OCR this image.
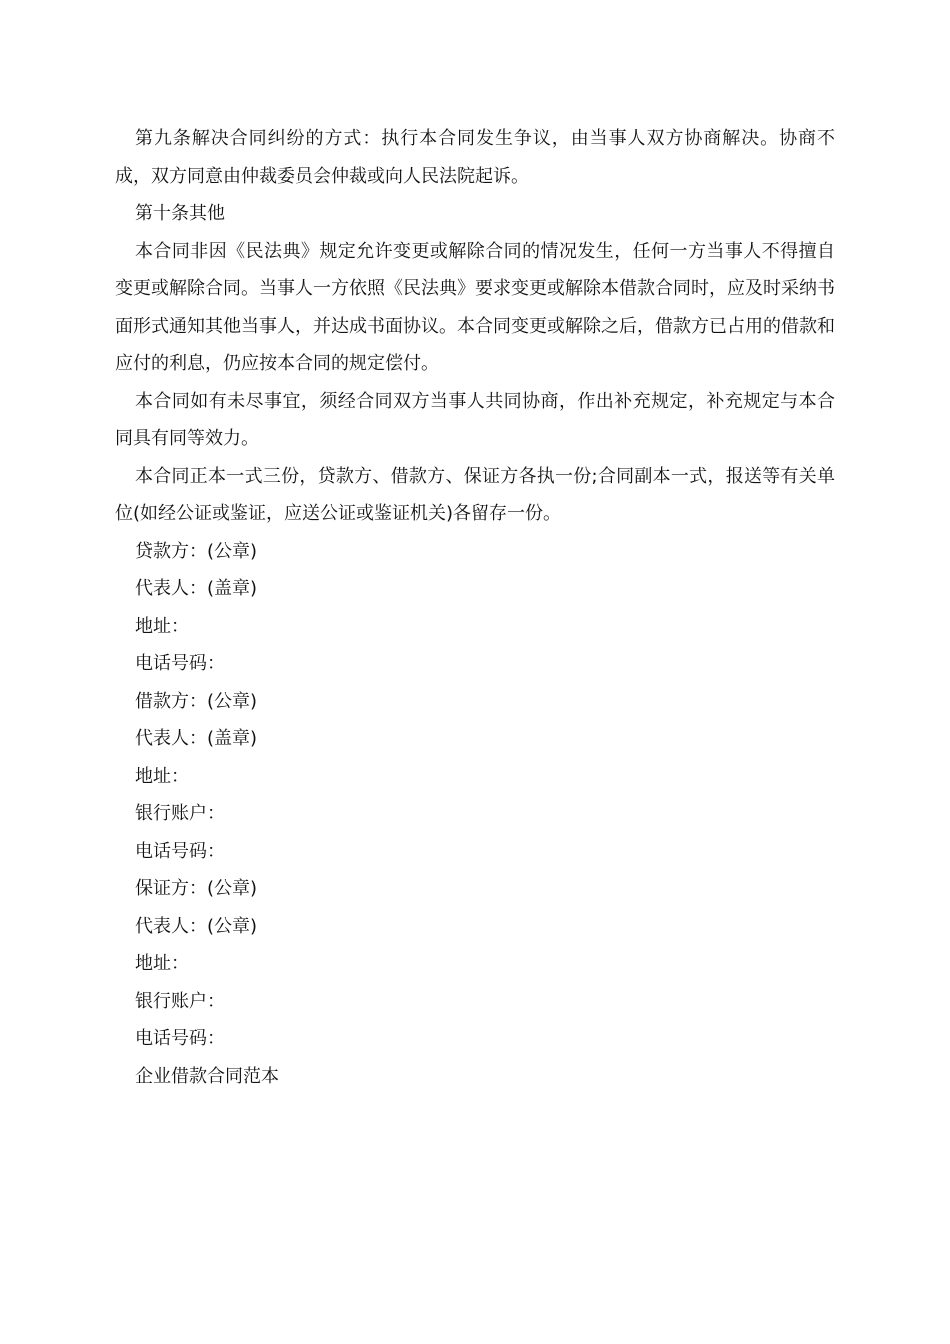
第九条解决合同纠纷的方式：执行本合同发生争议，由当事人双方协商解决。协商不成，双方同意由仲裁委员会仲裁或向人民法院起诉。

第十条其他

本合同非因《民法典》规定允许变更或解除合同的情况发生，任何一方当事人不得擅自变更或解除合同。当事人一方依照《民法典》要求变更或解除本借款合同时，应及时采纳书面形式通知其他当事人，并达成书面协议。本合同变更或解除之后，借款方已占用的借款和应付的利息，仍应按本合同的规定偿付。

本合同如有未尽事宜，须经合同双方当事人共同协商，作出补充规定，补充规定与本合同具有同等效力。

本合同正本一式三份，贷款方、借款方、保证方各执一份;合同副本一式，报送等有关单位(如经公证或鉴证，应送公证或鉴证机关)各留存一份。

贷款方：(公章)

代表人：(盖章)

地址：

电话号码：

借款方：(公章)

代表人：(盖章)

地址：

银行账户：

电话号码：

保证方：(公章)

代表人：(公章)

地址：

银行账户：

电话号码：

企业借款合同范本
